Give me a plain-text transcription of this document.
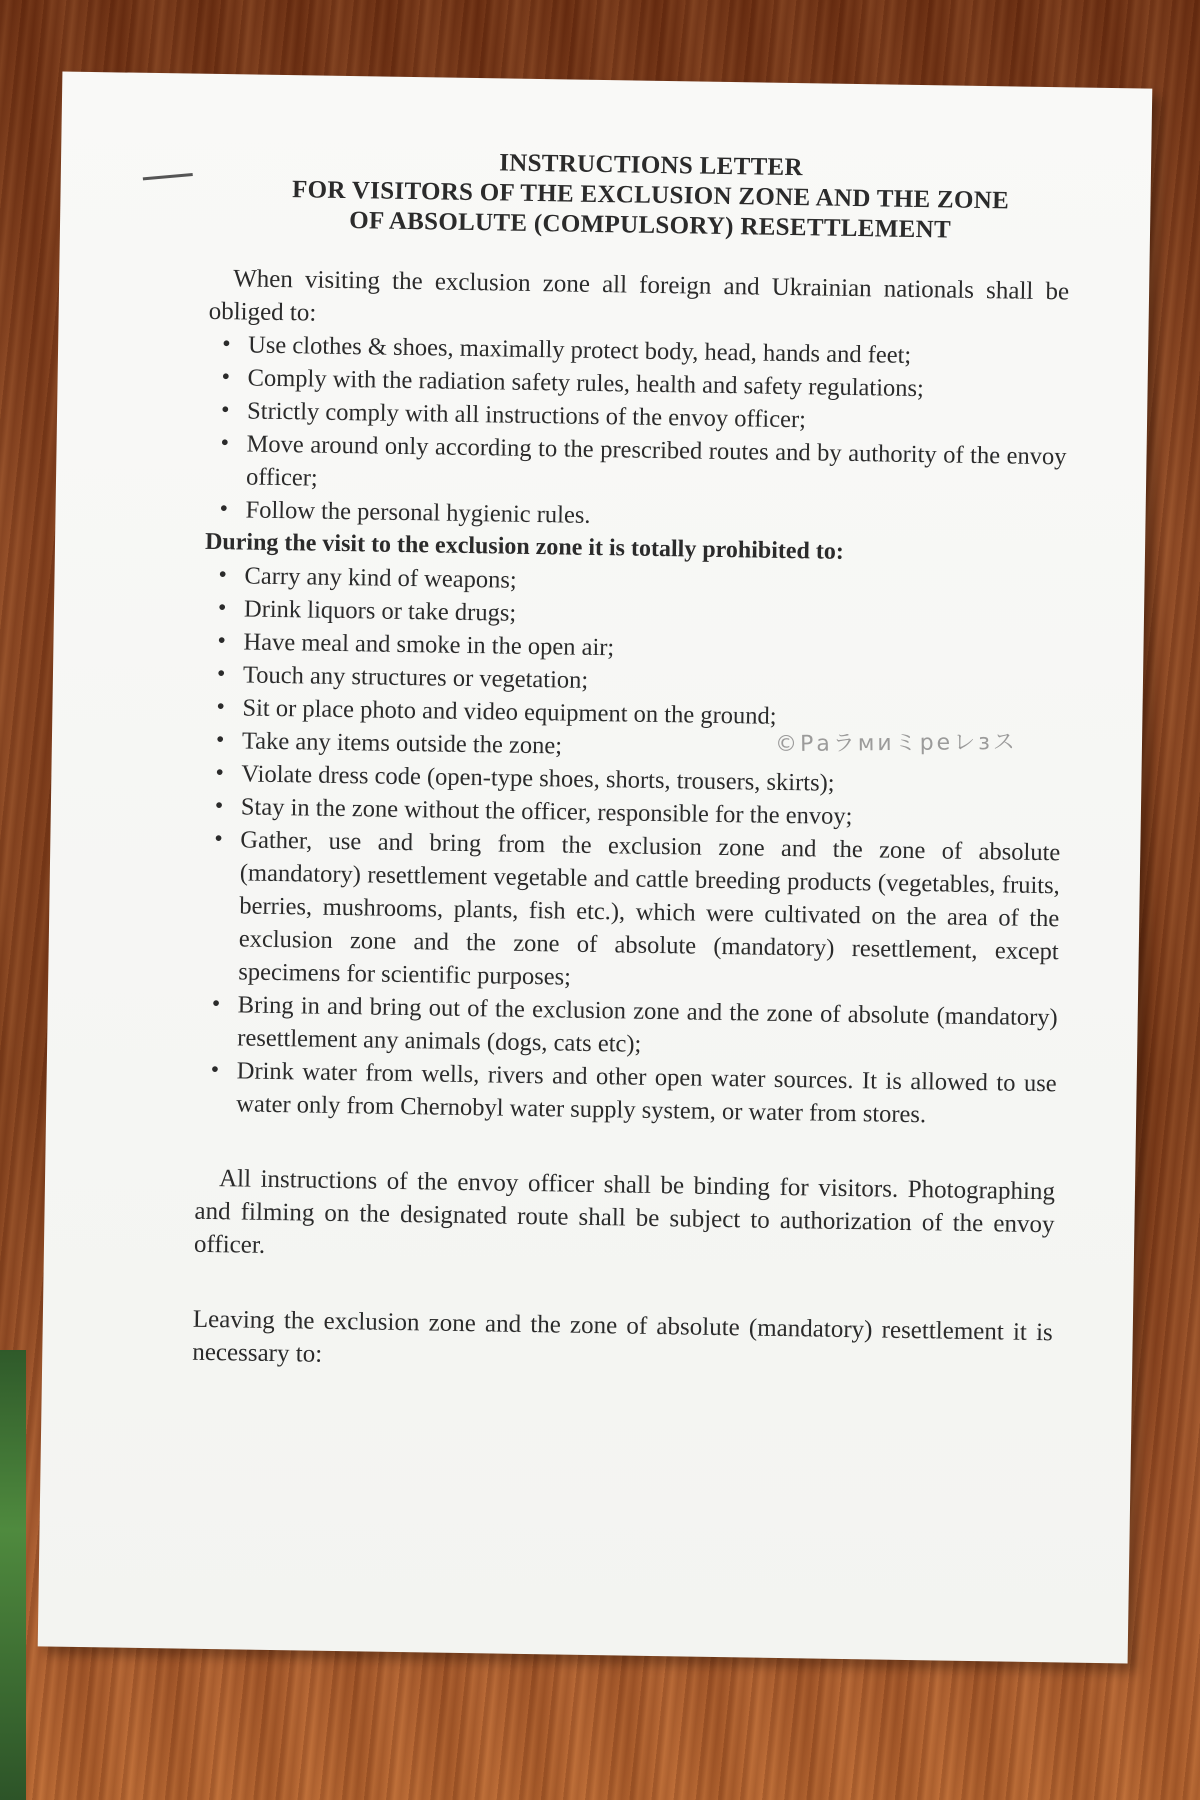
INSTRUCTIONS LETTER
FOR VISITORS OF THE EXCLUSION ZONE AND THE ZONE
OF ABSOLUTE (COMPULSORY) RESETTLEMENT

When visiting the exclusion zone all foreign and Ukrainian nationals shall be obliged to:

• Use clothes & shoes, maximally protect body, head, hands and feet;
• Comply with the radiation safety rules, health and safety regulations;
• Strictly comply with all instructions of the envoy officer;
• Move around only according to the prescribed routes and by authority of the envoy officer;
• Follow the personal hygienic rules.

During the visit to the exclusion zone it is totally prohibited to:

• Carry any kind of weapons;
• Drink liquors or take drugs;
• Have meal and smoke in the open air;
• Touch any structures or vegetation;
• Sit or place photo and video equipment on the ground;
• Take any items outside the zone;
• Violate dress code (open-type shoes, shorts, trousers, skirts);
• Stay in the zone without the officer, responsible for the envoy;
• Gather, use and bring from the exclusion zone and the zone of absolute (mandatory) resettlement vegetable and cattle breeding products (vegetables, fruits, berries, mushrooms, plants, fish etc.), which were cultivated on the area of the exclusion zone and the zone of absolute (mandatory) resettlement, except specimens for scientific purposes;
• Bring in and bring out of the exclusion zone and the zone of absolute (mandatory) resettlement any animals (dogs, cats etc);
• Drink water from wells, rivers and other open water sources. It is allowed to use water only from Chernobyl water supply system, or water from stores.

All instructions of the envoy officer shall be binding for visitors. Photographing and filming on the designated route shall be subject to authorization of the envoy officer.

Leaving the exclusion zone and the zone of absolute (mandatory) resettlement it is necessary to:

©Pаラмиミpeレзス
